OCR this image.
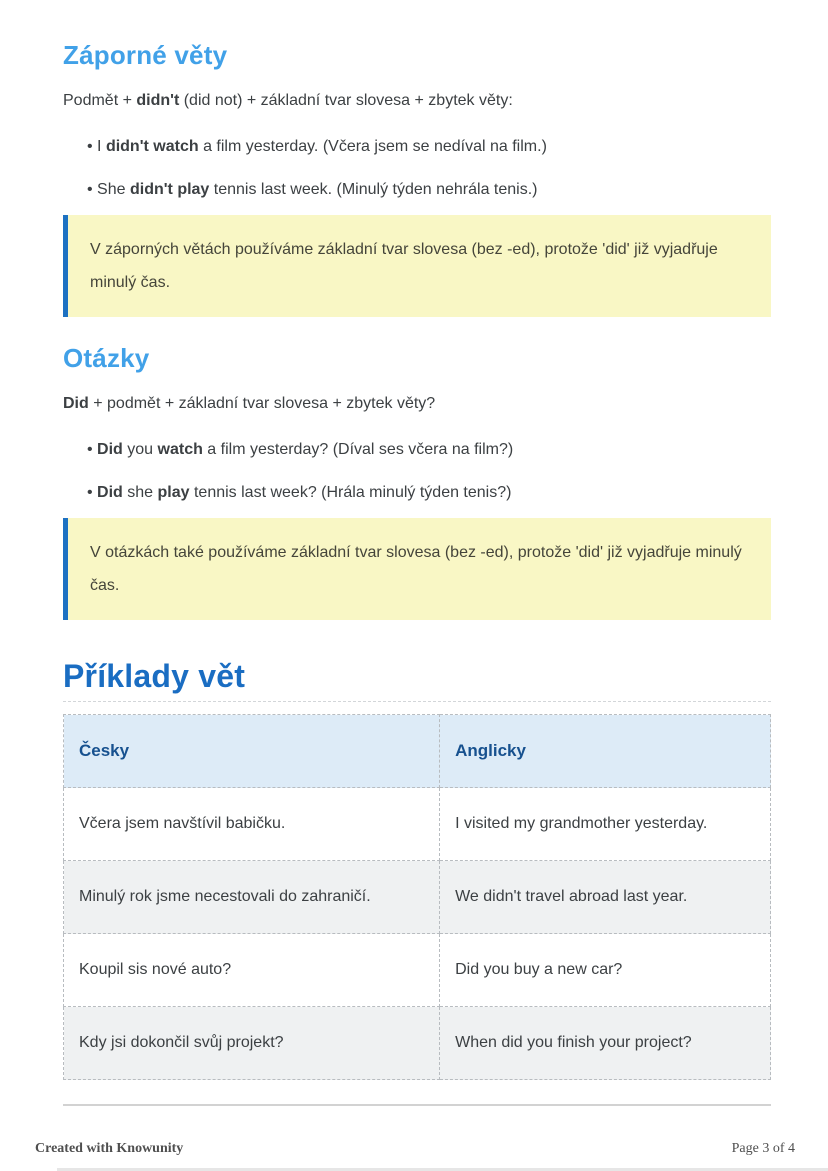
Záporné věty

Podmět + didn't (did not) + základní tvar slovesa + zbytek věty:

• I didn't watch a film yesterday. (Včera jsem se nedíval na film.)
• She didn't play tennis last week. (Minulý týden nehrála tenis.)
V záporných větách používáme základní tvar slovesa (bez -ed), protože 'did' již vyjadřuje minulý čas.
Otázky

Did + podmět + základní tvar slovesa + zbytek věty?

• Did you watch a film yesterday? (Díval ses včera na film?)
• Did she play tennis last week? (Hrála minulý týden tenis?)
V otázkách také používáme základní tvar slovesa (bez -ed), protože 'did' již vyjadřuje minulý čas.
Příklady vět
Česky	Anglicky
Včera jsem navštívil babičku.	I visited my grandmother yesterday.
Minulý rok jsme necestovali do zahraničí.	We didn't travel abroad last year.
Koupil sis nové auto?	Did you buy a new car?
Kdy jsi dokončil svůj projekt?	When did you finish your project?
Created with Knowunity	Page 3 of 4
